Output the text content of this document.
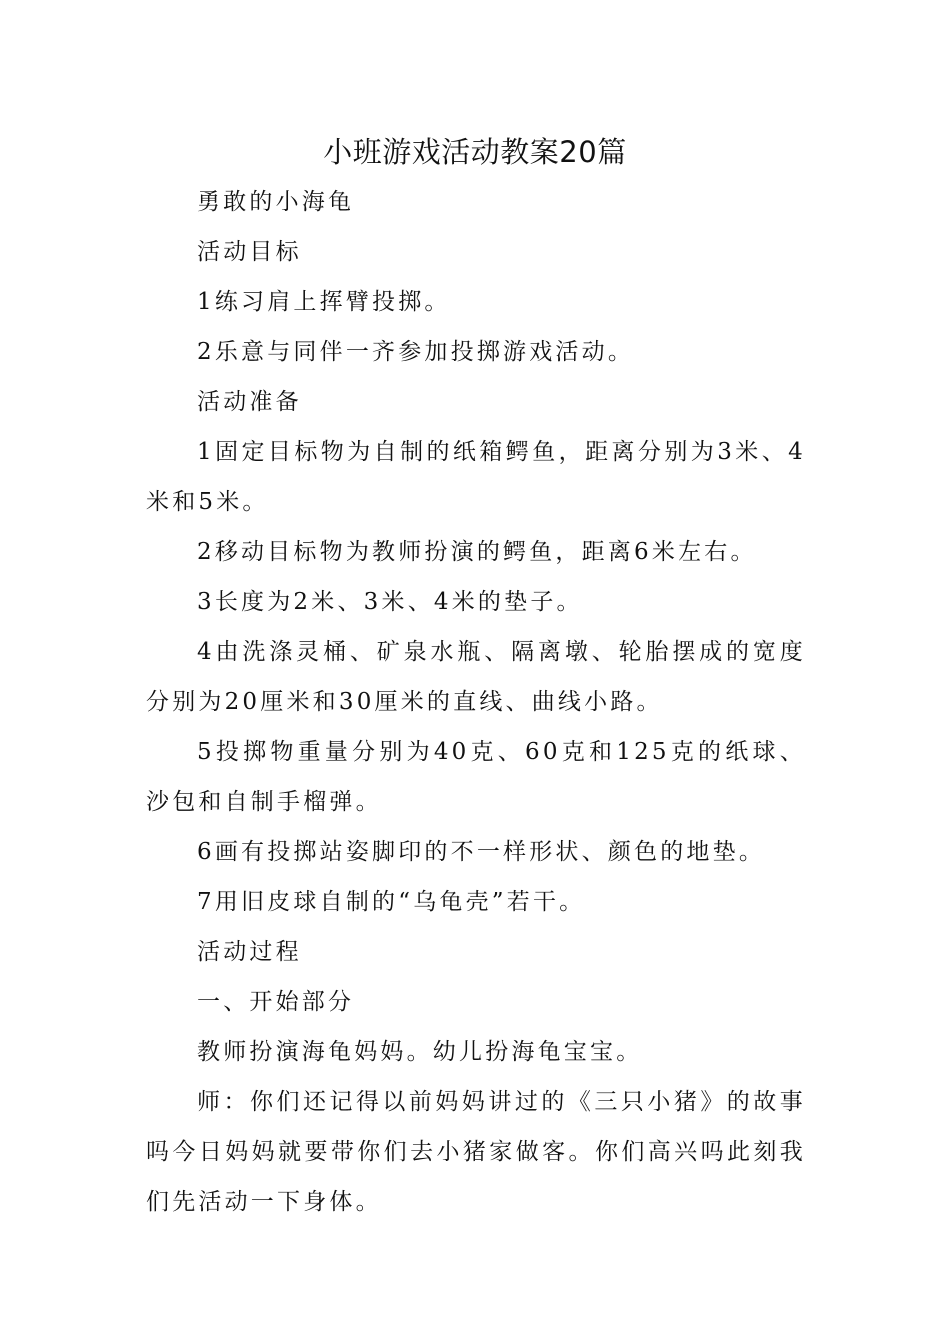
小班游戏活动教案20篇

勇敢的小海龟

活动目标

1练习肩上挥臂投掷。

2乐意与同伴一齐参加投掷游戏活动。

活动准备

1固定目标物为自制的纸箱鳄鱼，距离分别为3米、4米和5米。

2移动目标物为教师扮演的鳄鱼，距离6米左右。

3长度为2米、3米、4米的垫子。

4由洗涤灵桶、矿泉水瓶、隔离墩、轮胎摆成的宽度分别为20厘米和30厘米的直线、曲线小路。

5投掷物重量分别为40克、60克和125克的纸球、沙包和自制手榴弹。

6画有投掷站姿脚印的不一样形状、颜色的地垫。

7用旧皮球自制的“乌龟壳”若干。

活动过程

一、开始部分

教师扮演海龟妈妈。幼儿扮海龟宝宝。

师：你们还记得以前妈妈讲过的《三只小猪》的故事吗今日妈妈就要带你们去小猪家做客。你们高兴吗此刻我们先活动一下身体。
